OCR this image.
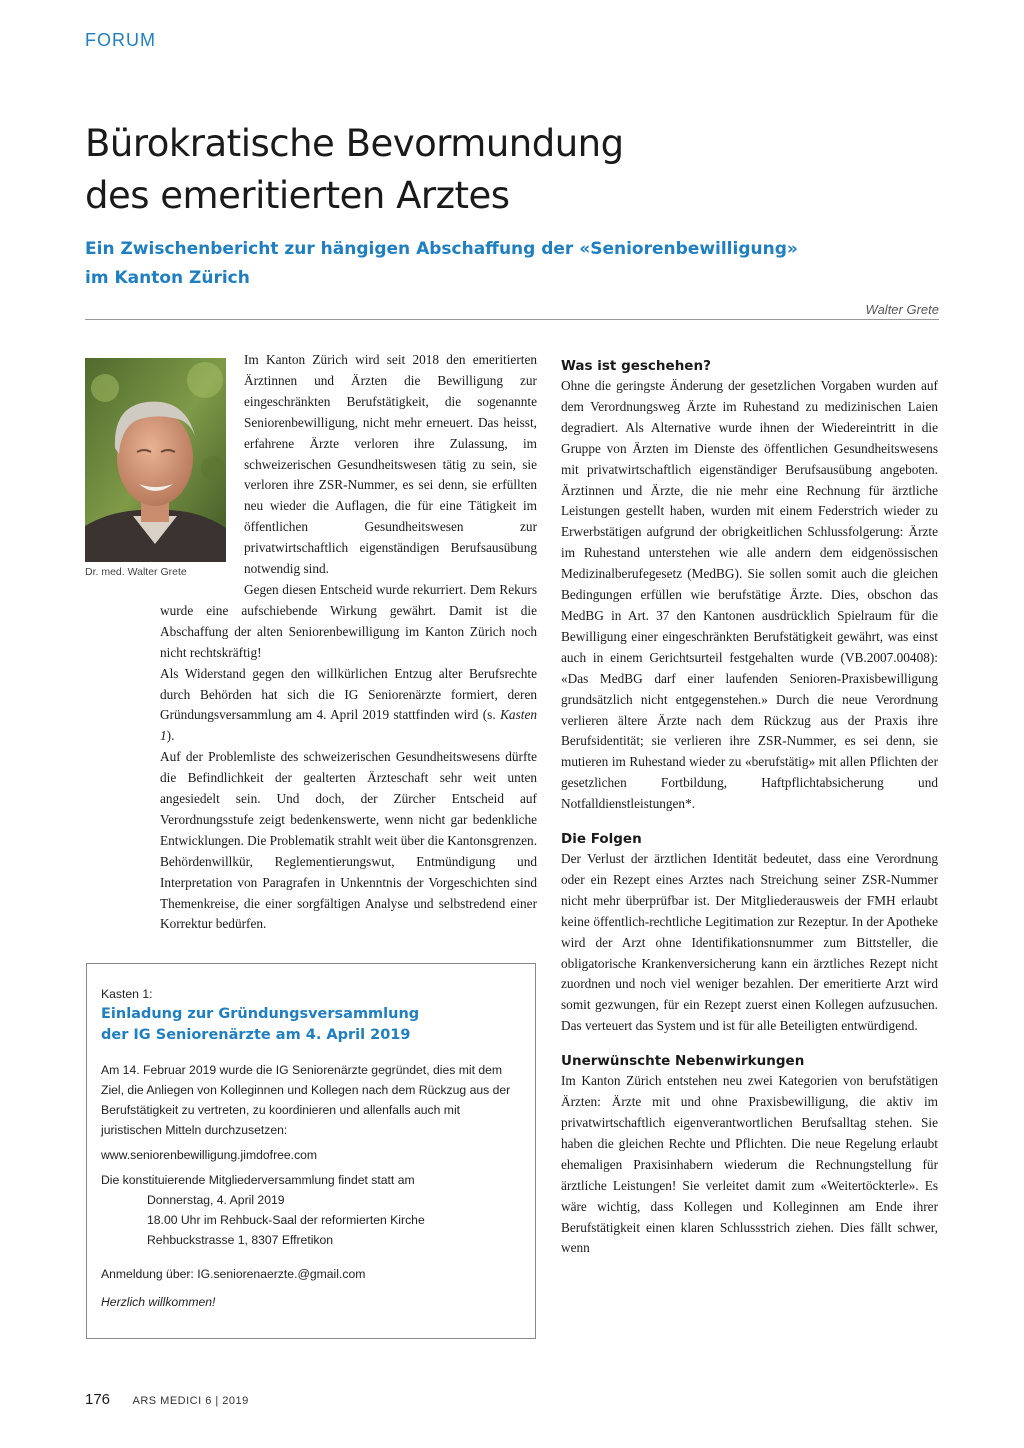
FORUM
Bürokratische Bevormundung
des emeritierten Arztes
Ein Zwischenbericht zur hängigen Abschaffung der «Seniorenbewilligung»
im Kanton Zürich
Walter Grete
Dr. med. Walter Grete

Im Kanton Zürich wird seit 2018 den emeritierten Ärztinnen und Ärzten die Bewilligung zur eingeschränkten Berufstätigkeit, die sogenannte Seniorenbewilligung, nicht mehr erneuert. Das heisst, erfahrene Ärzte verloren ihre Zulassung, im schweizerischen Gesundheitswesen tätig zu sein, sie verloren ihre ZSR-Nummer, es sei denn, sie erfüllten neu wieder die Auflagen, die für eine Tätigkeit im öffentlichen Gesundheitswesen zur privatwirtschaftlich eigenständigen Berufsausübung notwendig sind.

Gegen diesen Entscheid wurde rekurriert. Dem Rekurs wurde eine aufschiebende Wirkung gewährt. Damit ist die Abschaffung der alten Seniorenbewilligung im Kanton Zürich noch nicht rechtskräftig!

Als Widerstand gegen den willkürlichen Entzug alter Berufsrechte durch Behörden hat sich die IG Seniorenärzte formiert, deren Gründungsversammlung am 4. April 2019 stattfinden wird (s. Kasten 1).

Auf der Problemliste des schweizerischen Gesundheitswesens dürfte die Befindlichkeit der gealterten Ärzteschaft sehr weit unten angesiedelt sein. Und doch, der Zürcher Entscheid auf Verordnungsstufe zeigt bedenkenswerte, wenn nicht gar bedenkliche Entwicklungen. Die Problematik strahlt weit über die Kantonsgrenzen. Behördenwillkür, Reglementierungswut, Entmündigung und Interpretation von Paragrafen in Unkenntnis der Vorgeschichten sind Themenkreise, die einer sorgfältigen Analyse und selbstredend einer Korrektur bedürfen.

Kasten 1:

Einladung zur Gründungsversammlung
der IG Seniorenärzte am 4. April 2019

Am 14. Februar 2019 wurde die IG Seniorenärzte gegründet, dies mit dem Ziel, die Anliegen von Kolleginnen und Kollegen nach dem Rückzug aus der Berufstätigkeit zu vertreten, zu koordinieren und allenfalls auch mit juristischen Mitteln durchzusetzen:

www.seniorenbewilligung.jimdofree.com

Die konstituierende Mitgliederversammlung findet statt am

Donnerstag, 4. April 2019

18.00 Uhr im Rehbuck-Saal der reformierten Kirche

Rehbuckstrasse 1, 8307 Effretikon

Anmeldung über: IG.seniorenaerzte.@gmail.com

Herzlich willkommen!

Was ist geschehen?

Ohne die geringste Änderung der gesetzlichen Vorgaben wurden auf dem Verordnungsweg Ärzte im Ruhestand zu medizinischen Laien degradiert. Als Alternative wurde ihnen der Wiedereintritt in die Gruppe von Ärzten im Dienste des öffentlichen Gesundheitswesens mit privatwirtschaftlich eigenständiger Berufsausübung angeboten. Ärztinnen und Ärzte, die nie mehr eine Rechnung für ärztliche Leistungen gestellt haben, wurden mit einem Federstrich wieder zu Erwerbstätigen aufgrund der obrigkeitlichen Schlussfolgerung: Ärzte im Ruhestand unterstehen wie alle andern dem eidgenössischen Medizinalberufegesetz (MedBG). Sie sollen somit auch die gleichen Bedingungen erfüllen wie berufstätige Ärzte. Dies, obschon das MedBG in Art. 37 den Kantonen ausdrücklich Spielraum für die Bewilligung einer eingeschränkten Berufstätigkeit gewährt, was einst auch in einem Gerichtsurteil festgehalten wurde (VB.2007.00408): «Das MedBG darf einer laufenden Senioren-Praxisbewilligung grundsätzlich nicht entgegenstehen.» Durch die neue Verordnung verlieren ältere Ärzte nach dem Rückzug aus der Praxis ihre Berufsidentität; sie verlieren ihre ZSR-Nummer, es sei denn, sie mutieren im Ruhestand wieder zu «berufstätig» mit allen Pflichten der gesetzlichen Fortbildung, Haftpflichtabsicherung und Notfalldienstleistungen*.

Die Folgen

Der Verlust der ärztlichen Identität bedeutet, dass eine Verordnung oder ein Rezept eines Arztes nach Streichung seiner ZSR-Nummer nicht mehr überprüfbar ist. Der Mitgliederausweis der FMH erlaubt keine öffentlich-rechtliche Legitimation zur Rezeptur. In der Apotheke wird der Arzt ohne Identifikationsnummer zum Bittsteller, die obligatorische Krankenversicherung kann ein ärztliches Rezept nicht zuordnen und noch viel weniger bezahlen. Der emeritierte Arzt wird somit gezwungen, für ein Rezept zuerst einen Kollegen aufzusuchen. Das verteuert das System und ist für alle Beteiligten entwürdigend.

Unerwünschte Nebenwirkungen

Im Kanton Zürich entstehen neu zwei Kategorien von berufstätigen Ärzten: Ärzte mit und ohne Praxisbewilligung, die aktiv im privatwirtschaftlich eigenverantwortlichen Berufsalltag stehen. Sie haben die gleichen Rechte und Pflichten. Die neue Regelung erlaubt ehemaligen Praxisinhabern wiederum die Rechnungstellung für ärztliche Leistungen! Sie verleitet damit zum «Weitertöckterle». Es wäre wichtig, dass Kollegen und Kolleginnen am Ende ihrer Berufstätigkeit einen klaren Schlussstrich ziehen. Dies fällt schwer, wenn

176 ARS MEDICI 6 | 2019
